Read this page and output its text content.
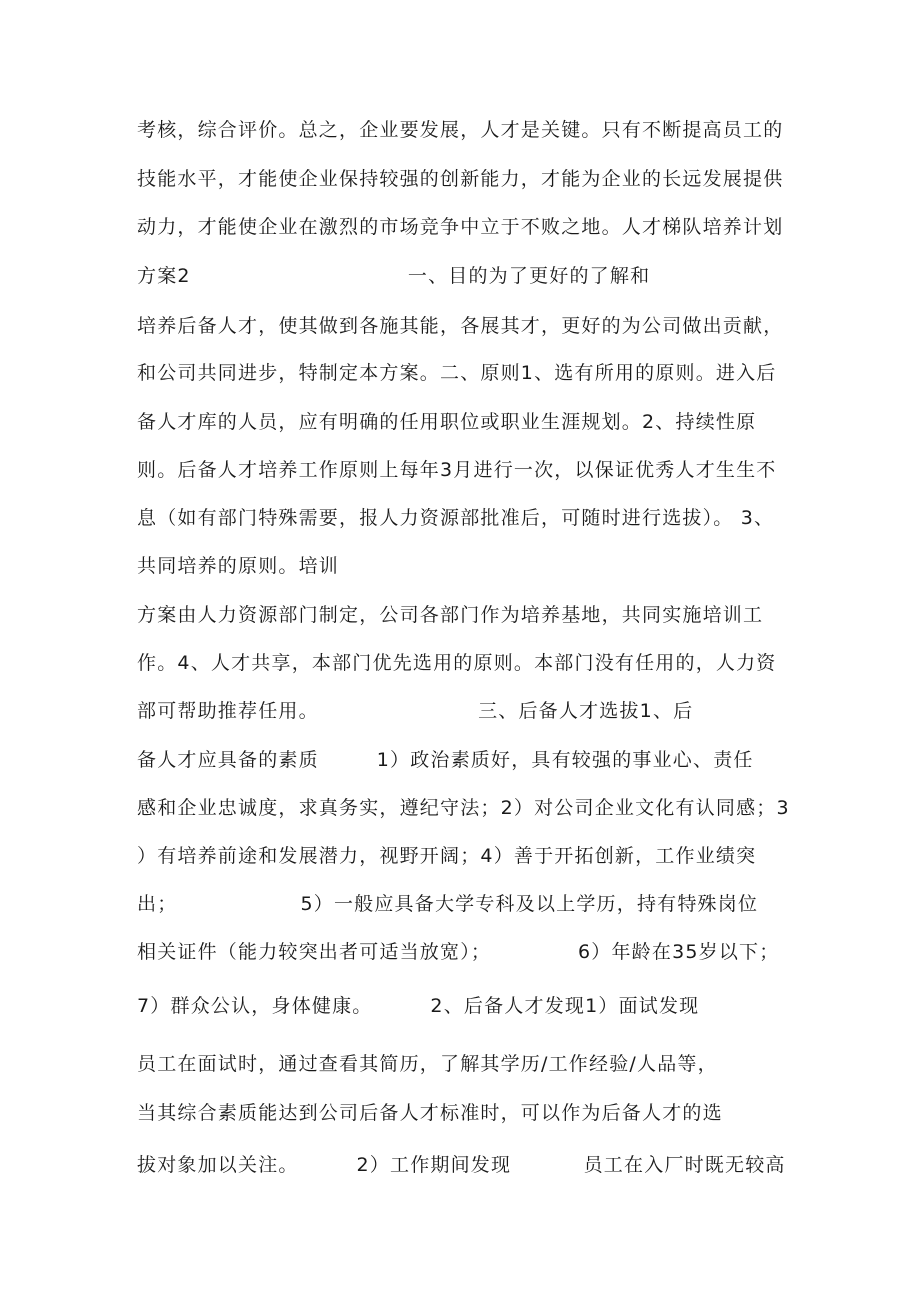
考核，综合评价。总之，企业要发展，人才是关键。只有不断提高员工的
技能水平，才能使企业保持较强的创新能力，才能为企业的长远发展提供
动力，才能使企业在激烈的市场竞争中立于不败之地。人才梯队培养计划
方案2                              一、目的为了更好的了解和
培养后备人才，使其做到各施其能，各展其才，更好的为公司做出贡献，
和公司共同进步，特制定本方案。二、原则1、选有所用的原则。进入后
备人才库的人员，应有明确的任用职位或职业生涯规划。2、持续性原
则。后备人才培养工作原则上每年3月进行一次，以保证优秀人才生生不
息（如有部门特殊需要，报人力资源部批准后，可随时进行选拔）。 3、
共同培养的原则。培训
方案由人力资源部门制定，公司各部门作为培养基地，共同实施培训工
作。4、人才共享，本部门优先选用的原则。本部门没有任用的，人力资
部可帮助推荐任用。                      三、后备人才选拔1、后
备人才应具备的素质        1）政治素质好，具有较强的事业心、责任
感和企业忠诚度，求真务实，遵纪守法；2）对公司企业文化有认同感；3
）有培养前途和发展潜力，视野开阔；4）善于开拓创新，工作业绩突
出；                 5）一般应具备大学专科及以上学历，持有特殊岗位
相关证件（能力较突出者可适当放宽）；            6）年龄在35岁以下；
7）群众公认，身体健康。        2、后备人才发现1）面试发现
员工在面试时，通过查看其简历，了解其学历/工作经验/人品等，
当其综合素质能达到公司后备人才标准时，可以作为后备人才的选
拔对象加以关注。        2）工作期间发现          员工在入厂时既无较高
